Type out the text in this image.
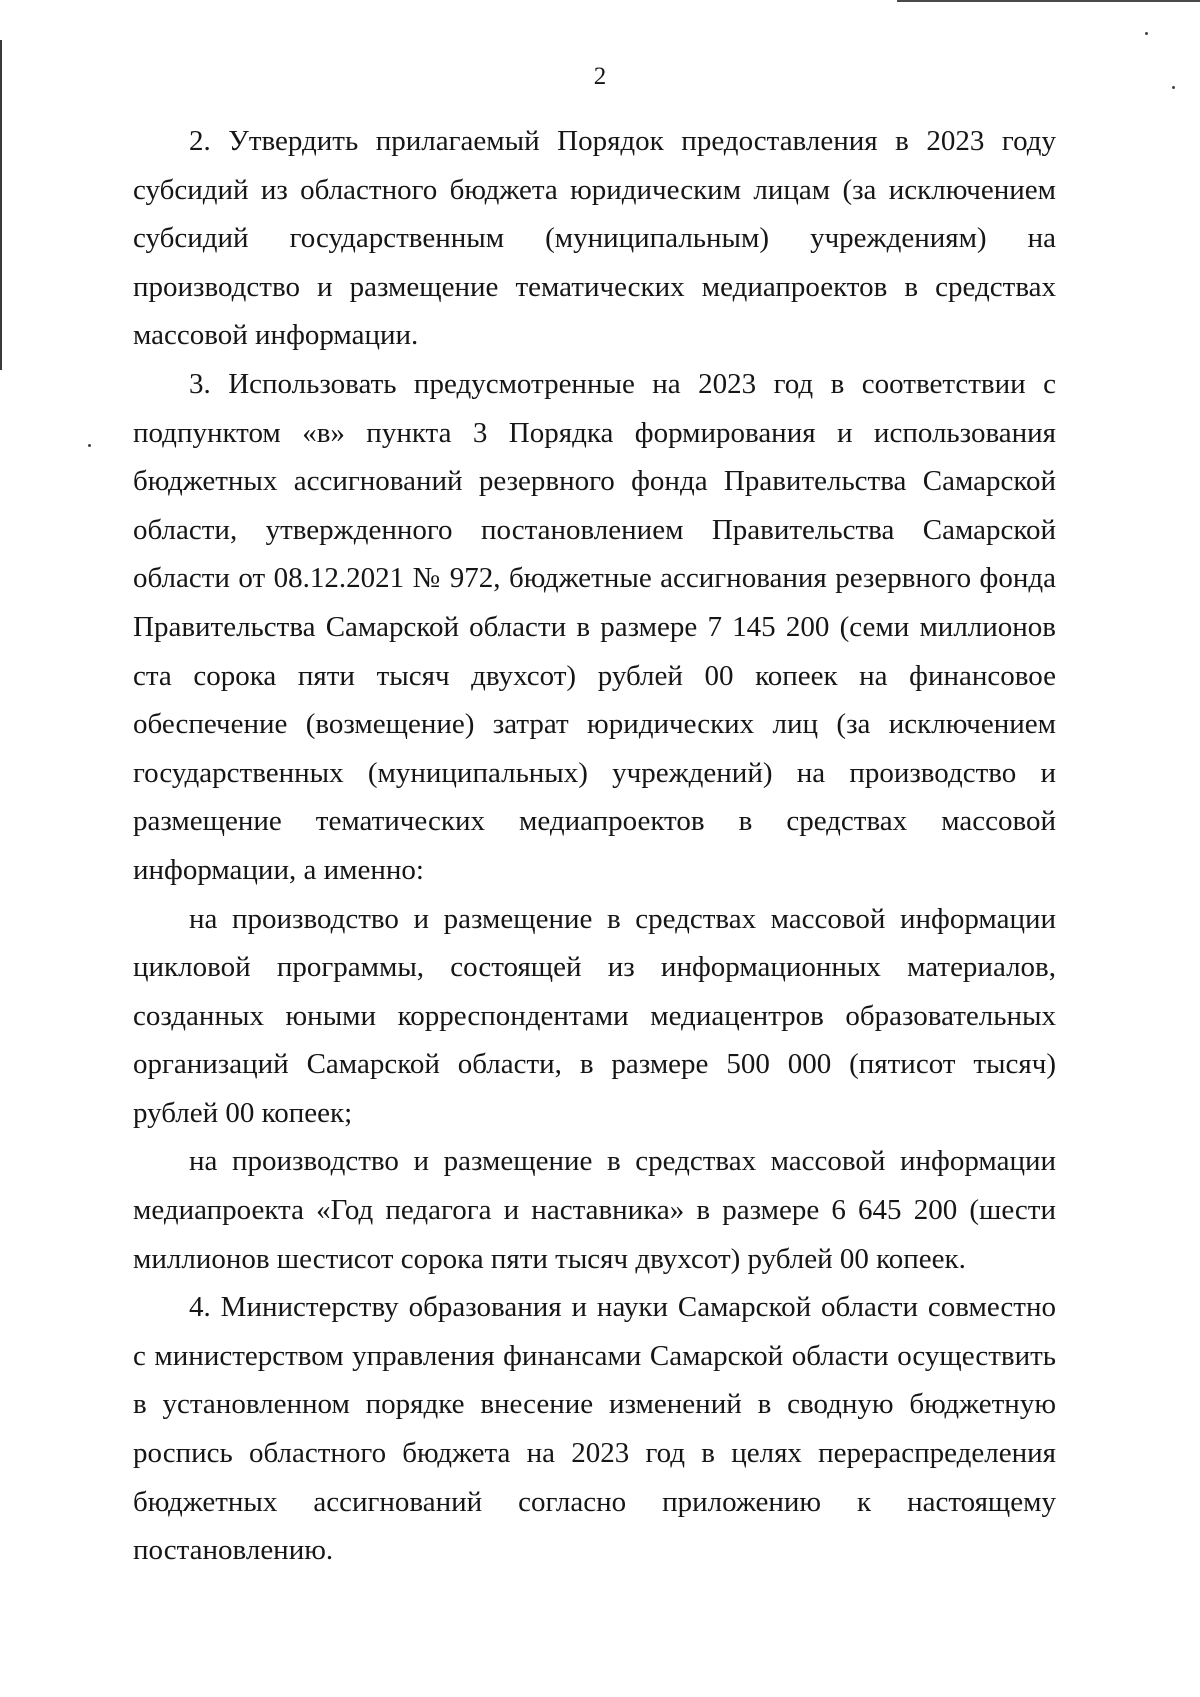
2

2. Утвердить прилагаемый Порядок предоставления в 2023 году субсидий из областного бюджета юридическим лицам (за исключением субсидий государственным (муниципальным) учреждениям) на производство и размещение тематических медиапроектов в средствах массовой информации.

3. Использовать предусмотренные на 2023 год в соответствии с подпунктом «в» пункта 3 Порядка формирования и использования бюджетных ассигнований резервного фонда Правительства Самарской области, утвержденного постановлением Правительства Самарской области от 08.12.2021 № 972, бюджетные ассигнования резервного фонда Правительства Самарской области в размере 7 145 200 (семи миллионов ста сорока пяти тысяч двухсот) рублей 00 копеек на финансовое обеспечение (возмещение) затрат юридических лиц (за исключением государственных (муниципальных) учреждений) на производство и размещение тематических медиапроектов в средствах массовой информации, а именно:

на производство и размещение в средствах массовой информации цикловой программы, состоящей из информационных материалов, созданных юными корреспондентами медиацентров образовательных организаций Самарской области, в размере 500 000 (пятисот тысяч) рублей 00 копеек;

на производство и размещение в средствах массовой информации медиапроекта «Год педагога и наставника» в размере 6 645 200 (шести миллионов шестисот сорока пяти тысяч двухсот) рублей 00 копеек.

4. Министерству образования и науки Самарской области совместно с министерством управления финансами Самарской области осуществить в установленном порядке внесение изменений в сводную бюджетную роспись областного бюджета на 2023 год в целях перераспределения бюджетных ассигнований согласно приложению к настоящему постановлению.
